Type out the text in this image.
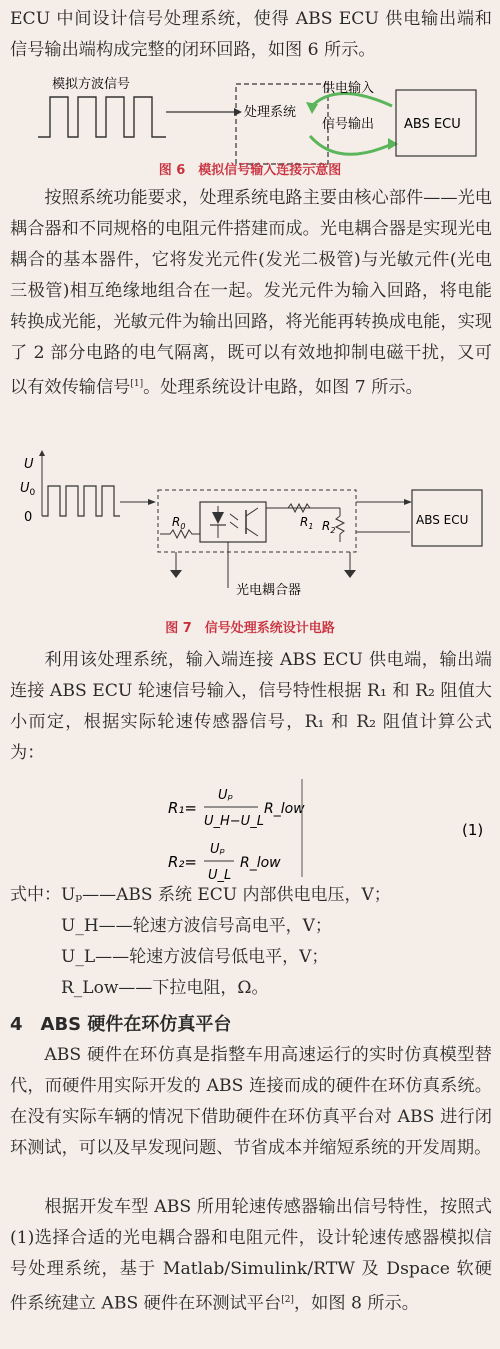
ECU 中间设计信号处理系统，使得 ABS ECU 供电输出端和信号输出端构成完整的闭环回路，如图 6 所示。

模拟方波信号
处理系统
供电输入
信号输出 ABS ECU
图 6　模拟信号输入连接示意图

按照系统功能要求，处理系统电路主要由核心部件——光电耦合器和不同规格的电阻元件搭建而成。光电耦合器是实现光电耦合的基本器件，它将发光元件(发光二极管)与光敏元件(光电三极管)相互绝缘地组合在一起。发光元件为输入回路，将电能转换成光能，光敏元件为输出回路，将光能再转换成电能，实现了 2 部分电路的电气隔离，既可以有效地抑制电磁干扰，又可以有效传输信号[1]。处理系统设计电路，如图 7 所示。

U
$U_0$
0	$R_0$	$R_1$ $R_2$
ABS ECU
光电耦合器
图 7　信号处理系统设计电路

利用该处理系统，输入端连接 ABS ECU 供电端，输出端连接 ABS ECU 轮速信号输入，信号特性根据 R₁ 和 R₂ 阻值大小而定，根据实际轮速传感器信号，R₁ 和 R₂ 阻值计算公式为：

R₁=
Uₚ
U_H−U_L
R_low
R₂=
Uₚ
U_L
R_low
(1)
式中：Uₚ——ABS 系统 ECU 内部供电电压，V；
　　　U_H——轮速方波信号高电平，V；
　　　U_L——轮速方波信号低电平，V；
　　　R_Low——下拉电阻，Ω。
4　ABS 硬件在环仿真平台

ABS 硬件在环仿真是指整车用高速运行的实时仿真模型替代，而硬件用实际开发的 ABS 连接而成的硬件在环仿真系统。在没有实际车辆的情况下借助硬件在环仿真平台对 ABS 进行闭环测试，可以及早发现问题、节省成本并缩短系统的开发周期。

根据开发车型 ABS 所用轮速传感器输出信号特性，按照式(1)选择合适的光电耦合器和电阻元件，设计轮速传感器模拟信号处理系统，基于 Matlab/Simulink/RTW 及 Dspace 软硬件系统建立 ABS 硬件在环测试平台[2]，如图 8 所示。
